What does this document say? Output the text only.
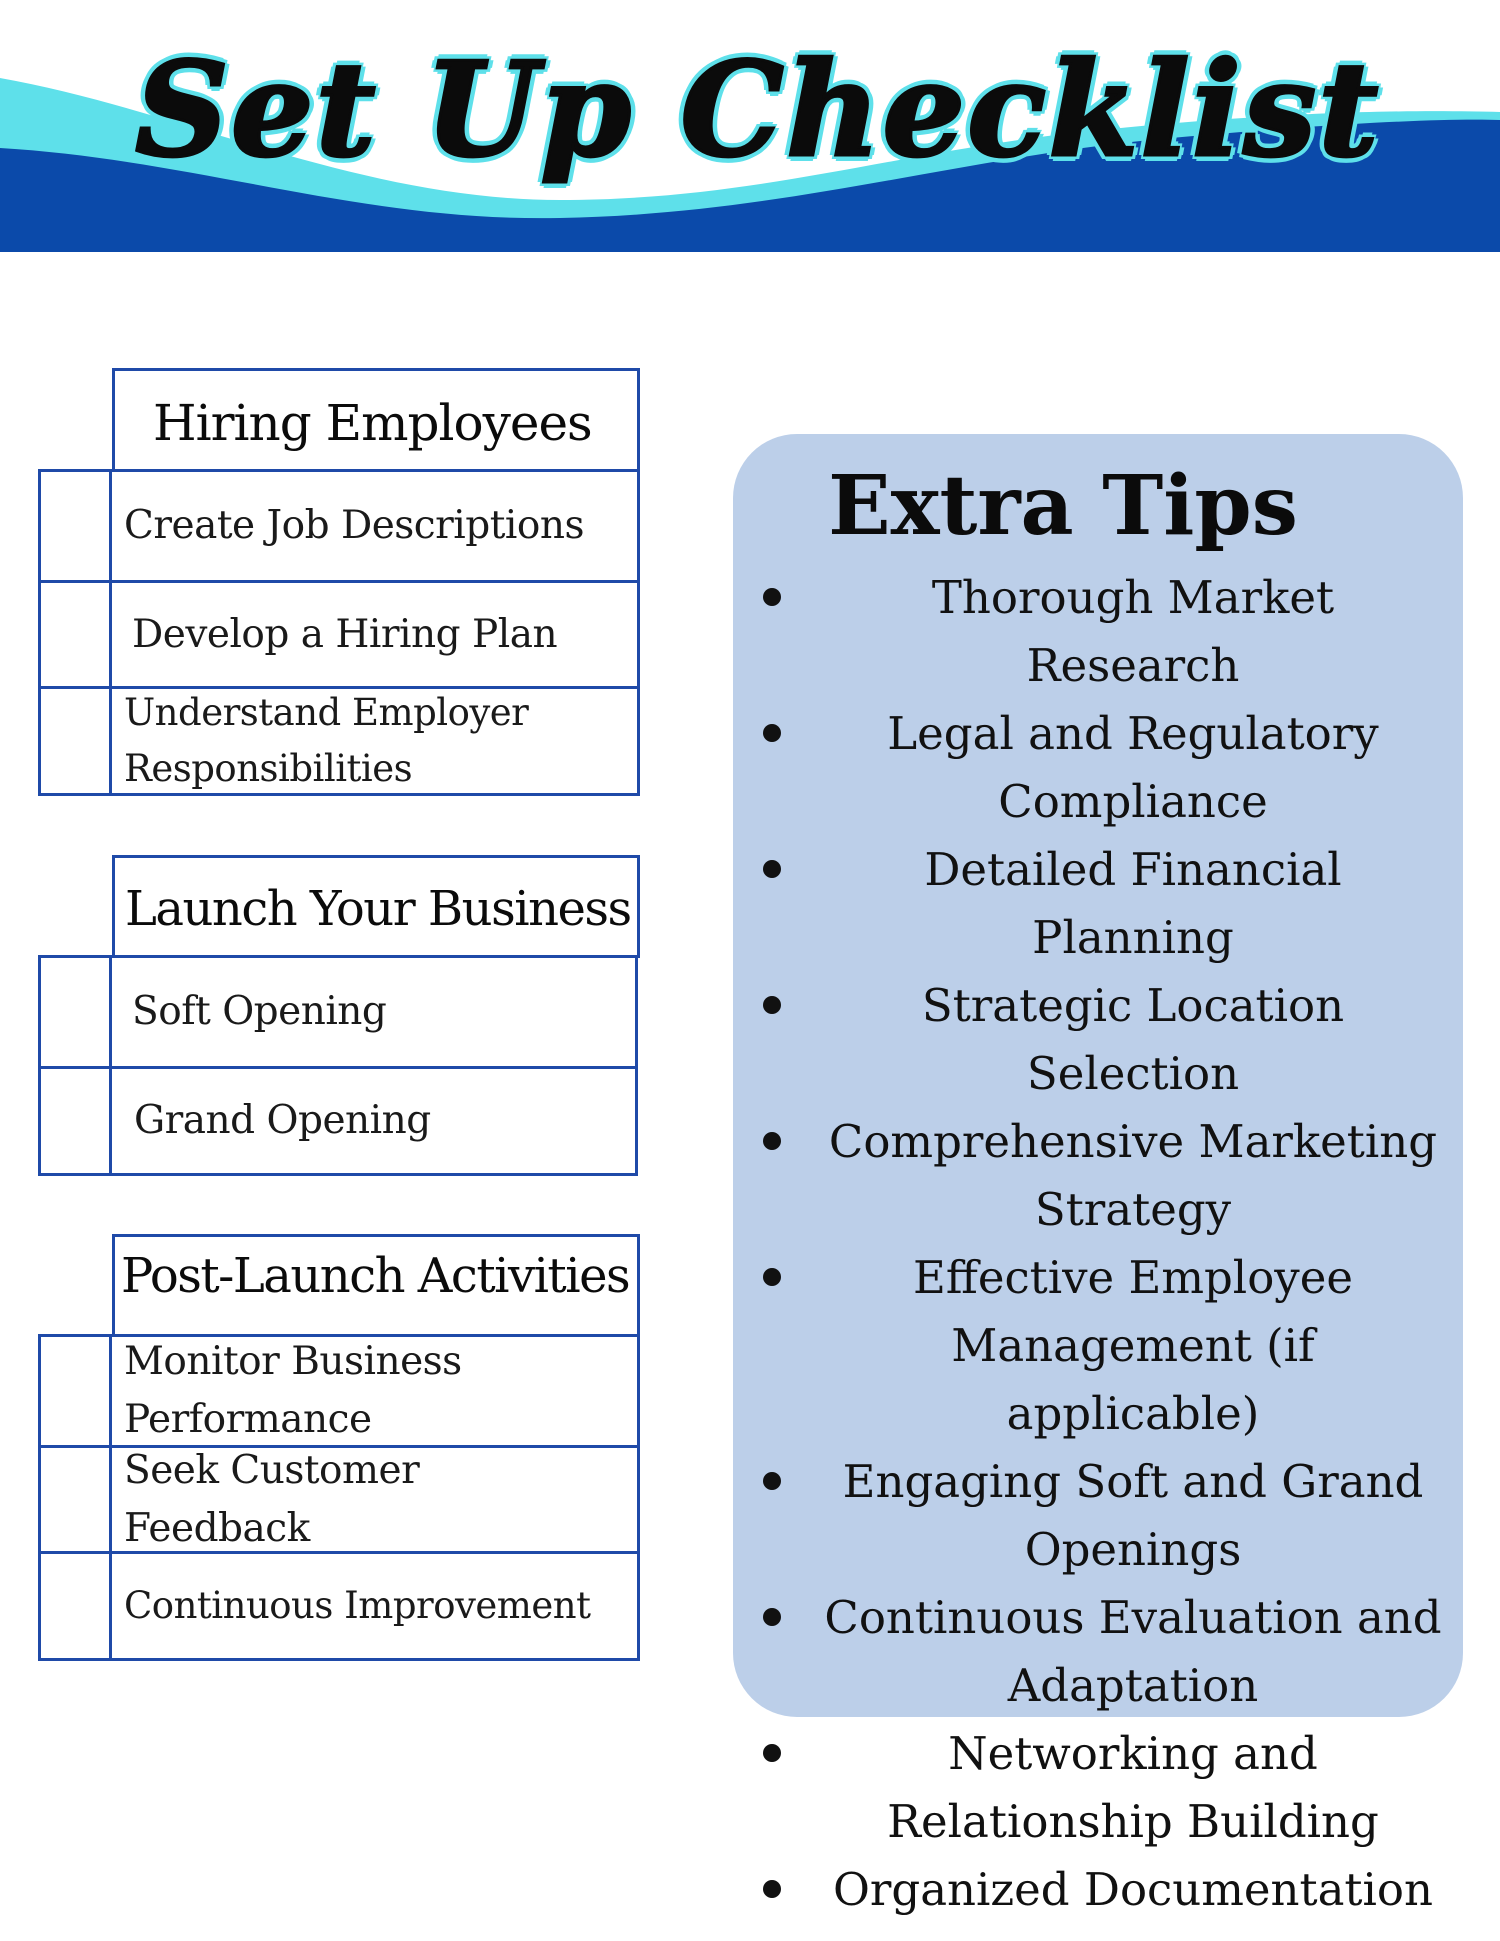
Set Up Checklist
Hiring Employees
Create Job Descriptions
Develop a Hiring Plan
Understand Employer Responsibilities
Launch Your Business
Soft Opening
Grand Opening
Post-Launch Activities
Monitor Business Performance
Seek Customer Feedback
Continuous Improvement
Extra Tips
Thorough Market Research
Legal and Regulatory Compliance
Detailed Financial Planning
Strategic Location Selection
Comprehensive Marketing Strategy
Effective Employee Management (if applicable)
Engaging Soft and Grand Openings
Continuous Evaluation and Adaptation
Networking and Relationship Building
Organized Documentation
